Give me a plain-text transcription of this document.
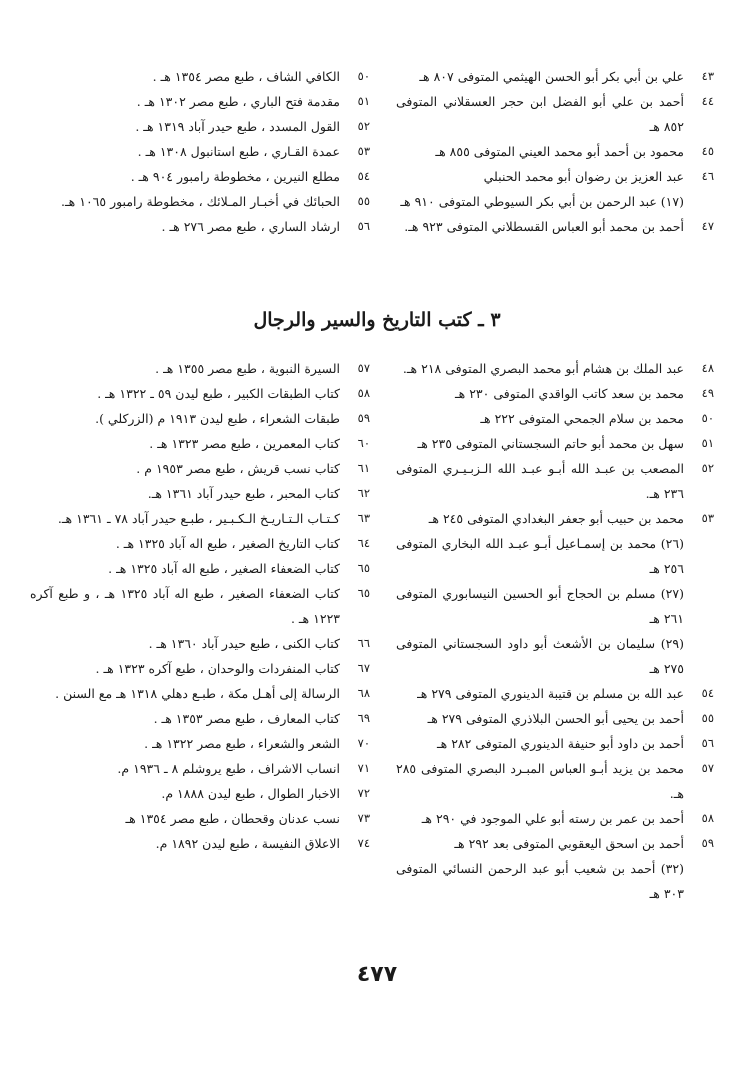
٤٣
علي بن أبي بكر أبو الحسن الهيثمي المتوفى ٨٠٧ هـ
٤٤
أحمد بن علي أبو الفضل ابن حجر العسقلاني المتوفى ٨٥٢ هـ
٤٥
محمود بن أحمد أبو محمد العيني المتوفى ٨٥٥ هـ
٤٦
عبد العزيز بن رضوان أبو محمد الحنبلي
(١٧) عبد الرحمن بن أبي بكر السيوطي المتوفى ٩١٠ هـ
٤٧
أحمد بن محمد أبو العباس القسطلاني المتوفى ٩٢٣ هـ.
٥٠
الكافي الشاف ، طبع مصر ١٣٥٤ هـ .
٥١
مقدمة فتح الباري ، طبع مصر ١٣٠٢ هـ .
٥٢
القول المسدد ، طبع حيدر آباد ١٣١٩ هـ .
٥٣
عمدة القـاري ، طبع استانبول ١٣٠٨ هـ .
٥٤
مطلع النيرين ، مخطوطة رامبور ٩٠٤ هـ .
٥٥
الحبائك في أخبـار المـلائك ، مخطوطة رامبور ١٠٦٥ هـ.
٥٦
ارشاد الساري ، طبع مصر ٢٧٦ هـ .
٣ ـ كتب التاريخ والسير والرجال
٤٨
عبد الملك بن هشام أبو محمد البصري المتوفى ٢١٨ هـ.
٤٩
محمد بن سعد كاتب الواقدي المتوفى ٢٣٠ هـ
٥٠
محمد بن سلام الجمحي المتوفى ٢٢٢ هـ
٥١
سهل بن محمد أبو حاتم السجستاني المتوفى ٢٣٥ هـ
٥٢
المصعب بن عبـد الله أبـو عبـد الله الـزبـيـري المتوفى ٢٣٦ هـ.
٥٣
محمد بن حبيب أبو جعفر البغدادي المتوفى ٢٤٥ هـ
(٢٦) محمد بن إسمـاعيل أبـو عبـد الله البخاري المتوفى ٢٥٦ هـ
(٢٧) مسلم بن الحجاج أبو الحسين النيسابوري المتوفى ٢٦١ هـ
(٢٩) سليمان بن الأشعث أبو داود السجستاني المتوفى ٢٧٥ هـ
٥٤
عبد الله بن مسلم بن قتيبة الدينوري المتوفى ٢٧٩ هـ
٥٥
أحمد بن يحيى أبو الحسن البلاذري المتوفى ٢٧٩ هـ
٥٦
أحمد بن داود أبو حنيفة الدينوري المتوفى ٢٨٢ هـ
٥٧
محمد بن يزيد أبـو العباس المبـرد البصري المتوفى ٢٨٥ هـ.
٥٨
أحمد بن عمر بن رسته أبو علي الموجود في ٢٩٠ هـ
٥٩
أحمد بن اسحق اليعقوبي المتوفى بعد ٢٩٢ هـ
(٣٢) أحمد بن شعيب أبو عبد الرحمن النسائي المتوفى ٣٠٣ هـ
٥٧
السيرة النبوية ، طبع مصر ١٣٥٥ هـ .
٥٨
كتاب الطبقات الكبير ، طبع ليدن ٥٩ ـ ١٣٢٢ هـ .
٥٩
طبقات الشعراء ، طبع ليدن ١٩١٣ م (الزركلي ).
٦٠
كتاب المعمرين ، طبع مصر ١٣٢٣ هـ .
٦١
كتاب نسب قريش ، طبع مصر ١٩٥٣ م .
٦٢
كتاب المحبر ، طبع حيدر آباد ١٣٦١ هـ.
٦٣
كـتـاب الـتـاريـخ الـكـبـير ، طبـع حيدر آباد ٧٨ ـ ١٣٦١ هـ.
٦٤
كتاب التاريخ الصغير ، طبع اله آباد ١٣٢٥ هـ .
٦٥
كتاب الضعفاء الصغير ، طبع اله آباد ١٣٢٥ هـ .
٦٥
كتاب الضعفاء الصغير ، طبع اله آباد ١٣٢٥ هـ ، و طبع آكره ١٢٢٣ هـ .
٦٦
كتاب الكنى ، طبع حيدر آباد ١٣٦٠ هـ .
٦٧
كتاب المنفردات والوحدان ، طبع آكره ١٣٢٣ هـ .
٦٨
الرسالة إلى أهـل مكة ، طبـع دهلي ١٣١٨ هـ مع السنن .
٦٩
كتاب المعارف ، طبع مصر ١٣٥٣ هـ .
٧٠
الشعر والشعراء ، طبع مصر ١٣٢٢ هـ .
٧١
انساب الاشراف ، طبع يروشلم ٨ ـ ١٩٣٦ م.
٧٢
الاخبار الطوال ، طبع ليدن ١٨٨٨ م.
٧٣
نسب عدنان وقحطان ، طبع مصر ١٣٥٤ هـ
٧٤
الاعلاق النفيسة ، طبع ليدن ١٨٩٢ م.
٤٧٧
